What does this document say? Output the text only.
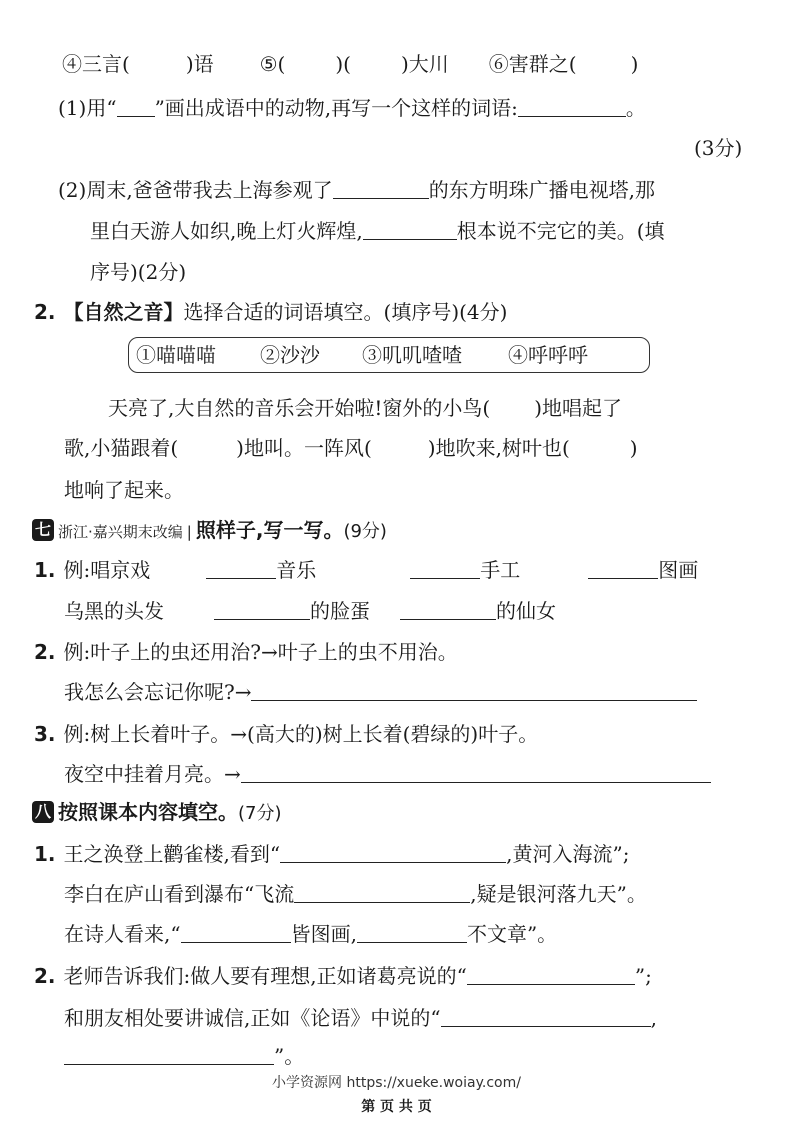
④三言(	)语 ⑤(	)(	)大川 ⑥害群之(	)
(1)用“ ”画出成语中的动物,再写一个这样的词语:	。
(3分)
(2)周末,爸爸带我去上海参观了	的东方明珠广播电视塔,那
里白天游人如织,晚上灯火辉煌,	根本说不完它的美。(填
序号)(2分)
2. 【自然之音】选择合适的词语填空。(填序号)(4分)
①喵喵喵 ②沙沙 ③叽叽喳喳 ④呼呼呼
天亮了,大自然的音乐会开始啦!窗外的小鸟( )地唱起了
歌,小猫跟着(	)地叫。一阵风(	)地吹来,树叶也(	)
地响了起来。
七 浙江·嘉兴期末改编 | 照样子,写一写。(9分)
1. 例:唱京戏	音乐	手工	图画
乌黑的头发	的脸蛋	的仙女
2. 例:叶子上的虫还用治?→叶子上的虫不用治。
我怎么会忘记你呢?→
3. 例:树上长着叶子。→(高大的)树上长着(碧绿的)叶子。
夜空中挂着月亮。→
八 按照课本内容填空。(7分)
1. 王之涣登上鹳雀楼,看到“	,黄河入海流”;
李白在庐山看到瀑布“飞流	,疑是银河落九天”。
在诗人看来,“	皆图画,	不文章”。
2. 老师告诉我们:做人要有理想,正如诸葛亮说的“	”;
和朋友相处要讲诚信,正如《论语》中说的“	,
”。
小学资源网 https://xueke.woiay.com/
第 页 共 页
